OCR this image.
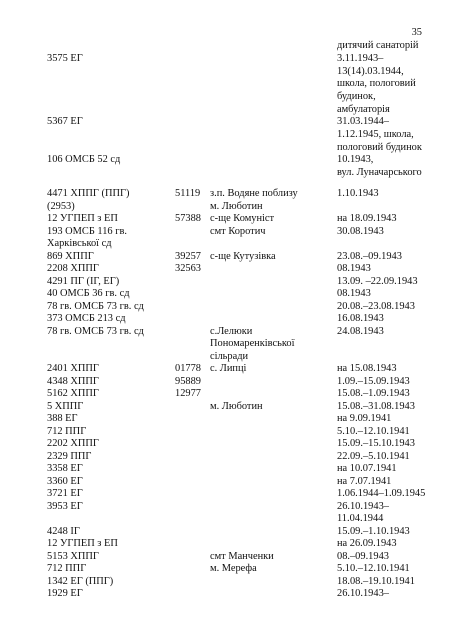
35
дитячий санаторій
3575 ЕГ	3.11.1943–
13(14).03.1944,
школа, пологовий
будинок,
амбулаторія
5367 ЕГ	31.03.1944–
1.12.1945, школа,
пологовий будинок
106 ОМСБ 52 сд	10.1943,
вул. Луначарського
4471 ХППГ (ППГ)	51119 з.п. Водяне поблизу	1.10.1943
(2953)	м. Люботин
12 УГПЕП з ЕП	57388 с-ще Комуніст	на 18.09.1943
193 ОМСБ 116 гв.	смт Коротич	30.08.1943
Харківської сд
869 ХППГ	39257 с-ще Кутузівка	23.08.–09.1943
2208 ХППГ	32563	08.1943
4291 ПГ (ІГ, ЕГ)	13.09. –22.09.1943
40 ОМСБ 36 гв. сд	08.1943
78 гв. ОМСБ 73 гв. сд	20.08.–23.08.1943
373 ОМСБ 213 сд	16.08.1943
78 гв. ОМСБ 73 гв. сд	с.Лелюки	24.08.1943
Пономаренківської
сільради
2401 ХППГ	01778 с. Липці	на 15.08.1943
4348 ХППГ	95889	1.09.–15.09.1943
5162 ХППГ	12977	15.08.–1.09.1943
5 ХППГ	м. Люботин	15.08.–31.08.1943
388 ЕГ	на 9.09.1941
712 ППГ	5.10.–12.10.1941
2202 ХППГ	15.09.–15.10.1943
2329 ППГ	22.09.–5.10.1941
3358 ЕГ	на 10.07.1941
3360 ЕГ	на 7.07.1941
3721 ЕГ	1.06.1944–1.09.1945
3953 ЕГ	26.10.1943–
11.04.1944
4248 ІГ	15.09.–1.10.1943
12 УГПЕП з ЕП	на 26.09.1943
5153 ХППГ	смт Манченки	08.–09.1943
712 ППГ	м. Мерефа	5.10.–12.10.1941
1342 ЕГ (ППГ)	18.08.–19.10.1941
1929 ЕГ	26.10.1943–
